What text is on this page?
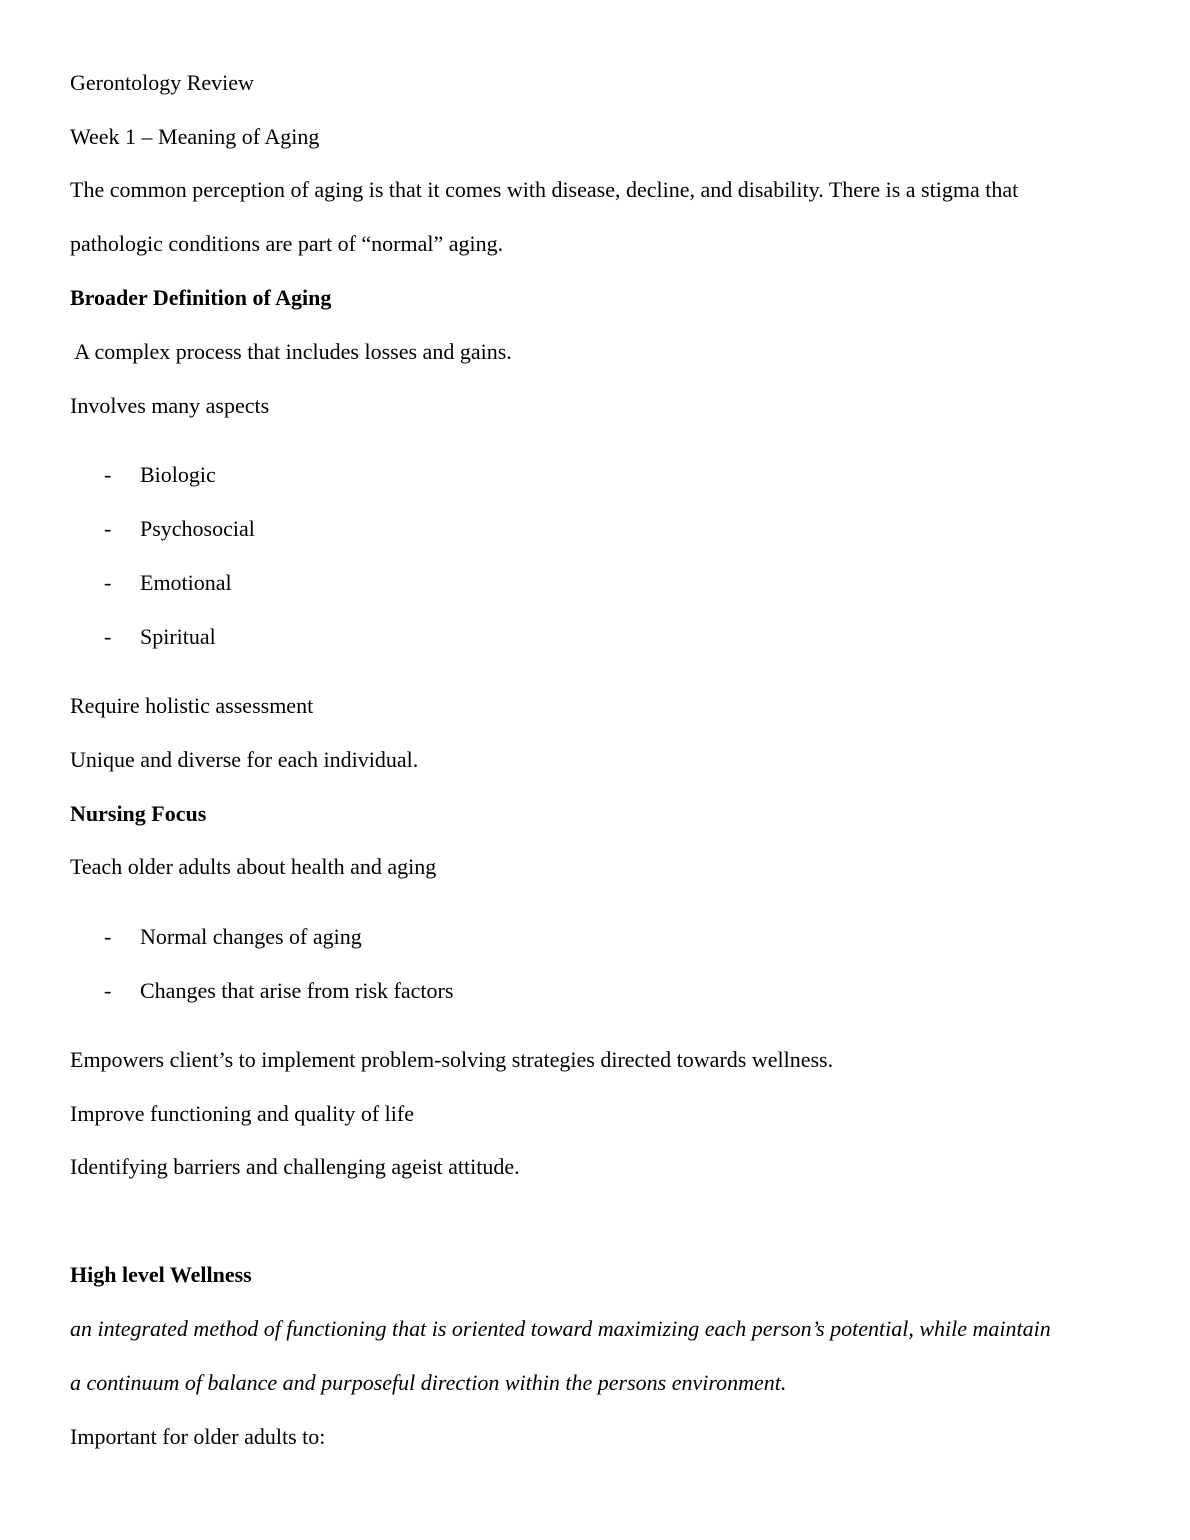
Gerontology Review
Week 1 – Meaning of Aging
The common perception of aging is that it comes with disease, decline, and disability. There is a stigma that
pathologic conditions are part of “normal” aging.
Broader Definition of Aging
A complex process that includes losses and gains.
Involves many aspects
- Biologic
- Psychosocial
- Emotional
- Spiritual
Require holistic assessment
Unique and diverse for each individual.
Nursing Focus
Teach older adults about health and aging
- Normal changes of aging
- Changes that arise from risk factors
Empowers client’s to implement problem-solving strategies directed towards wellness.
Improve functioning and quality of life
Identifying barriers and challenging ageist attitude.
High level Wellness
an integrated method of functioning that is oriented toward maximizing each person’s potential, while maintain
a continuum of balance and purposeful direction within the persons environment.
Important for older adults to:
